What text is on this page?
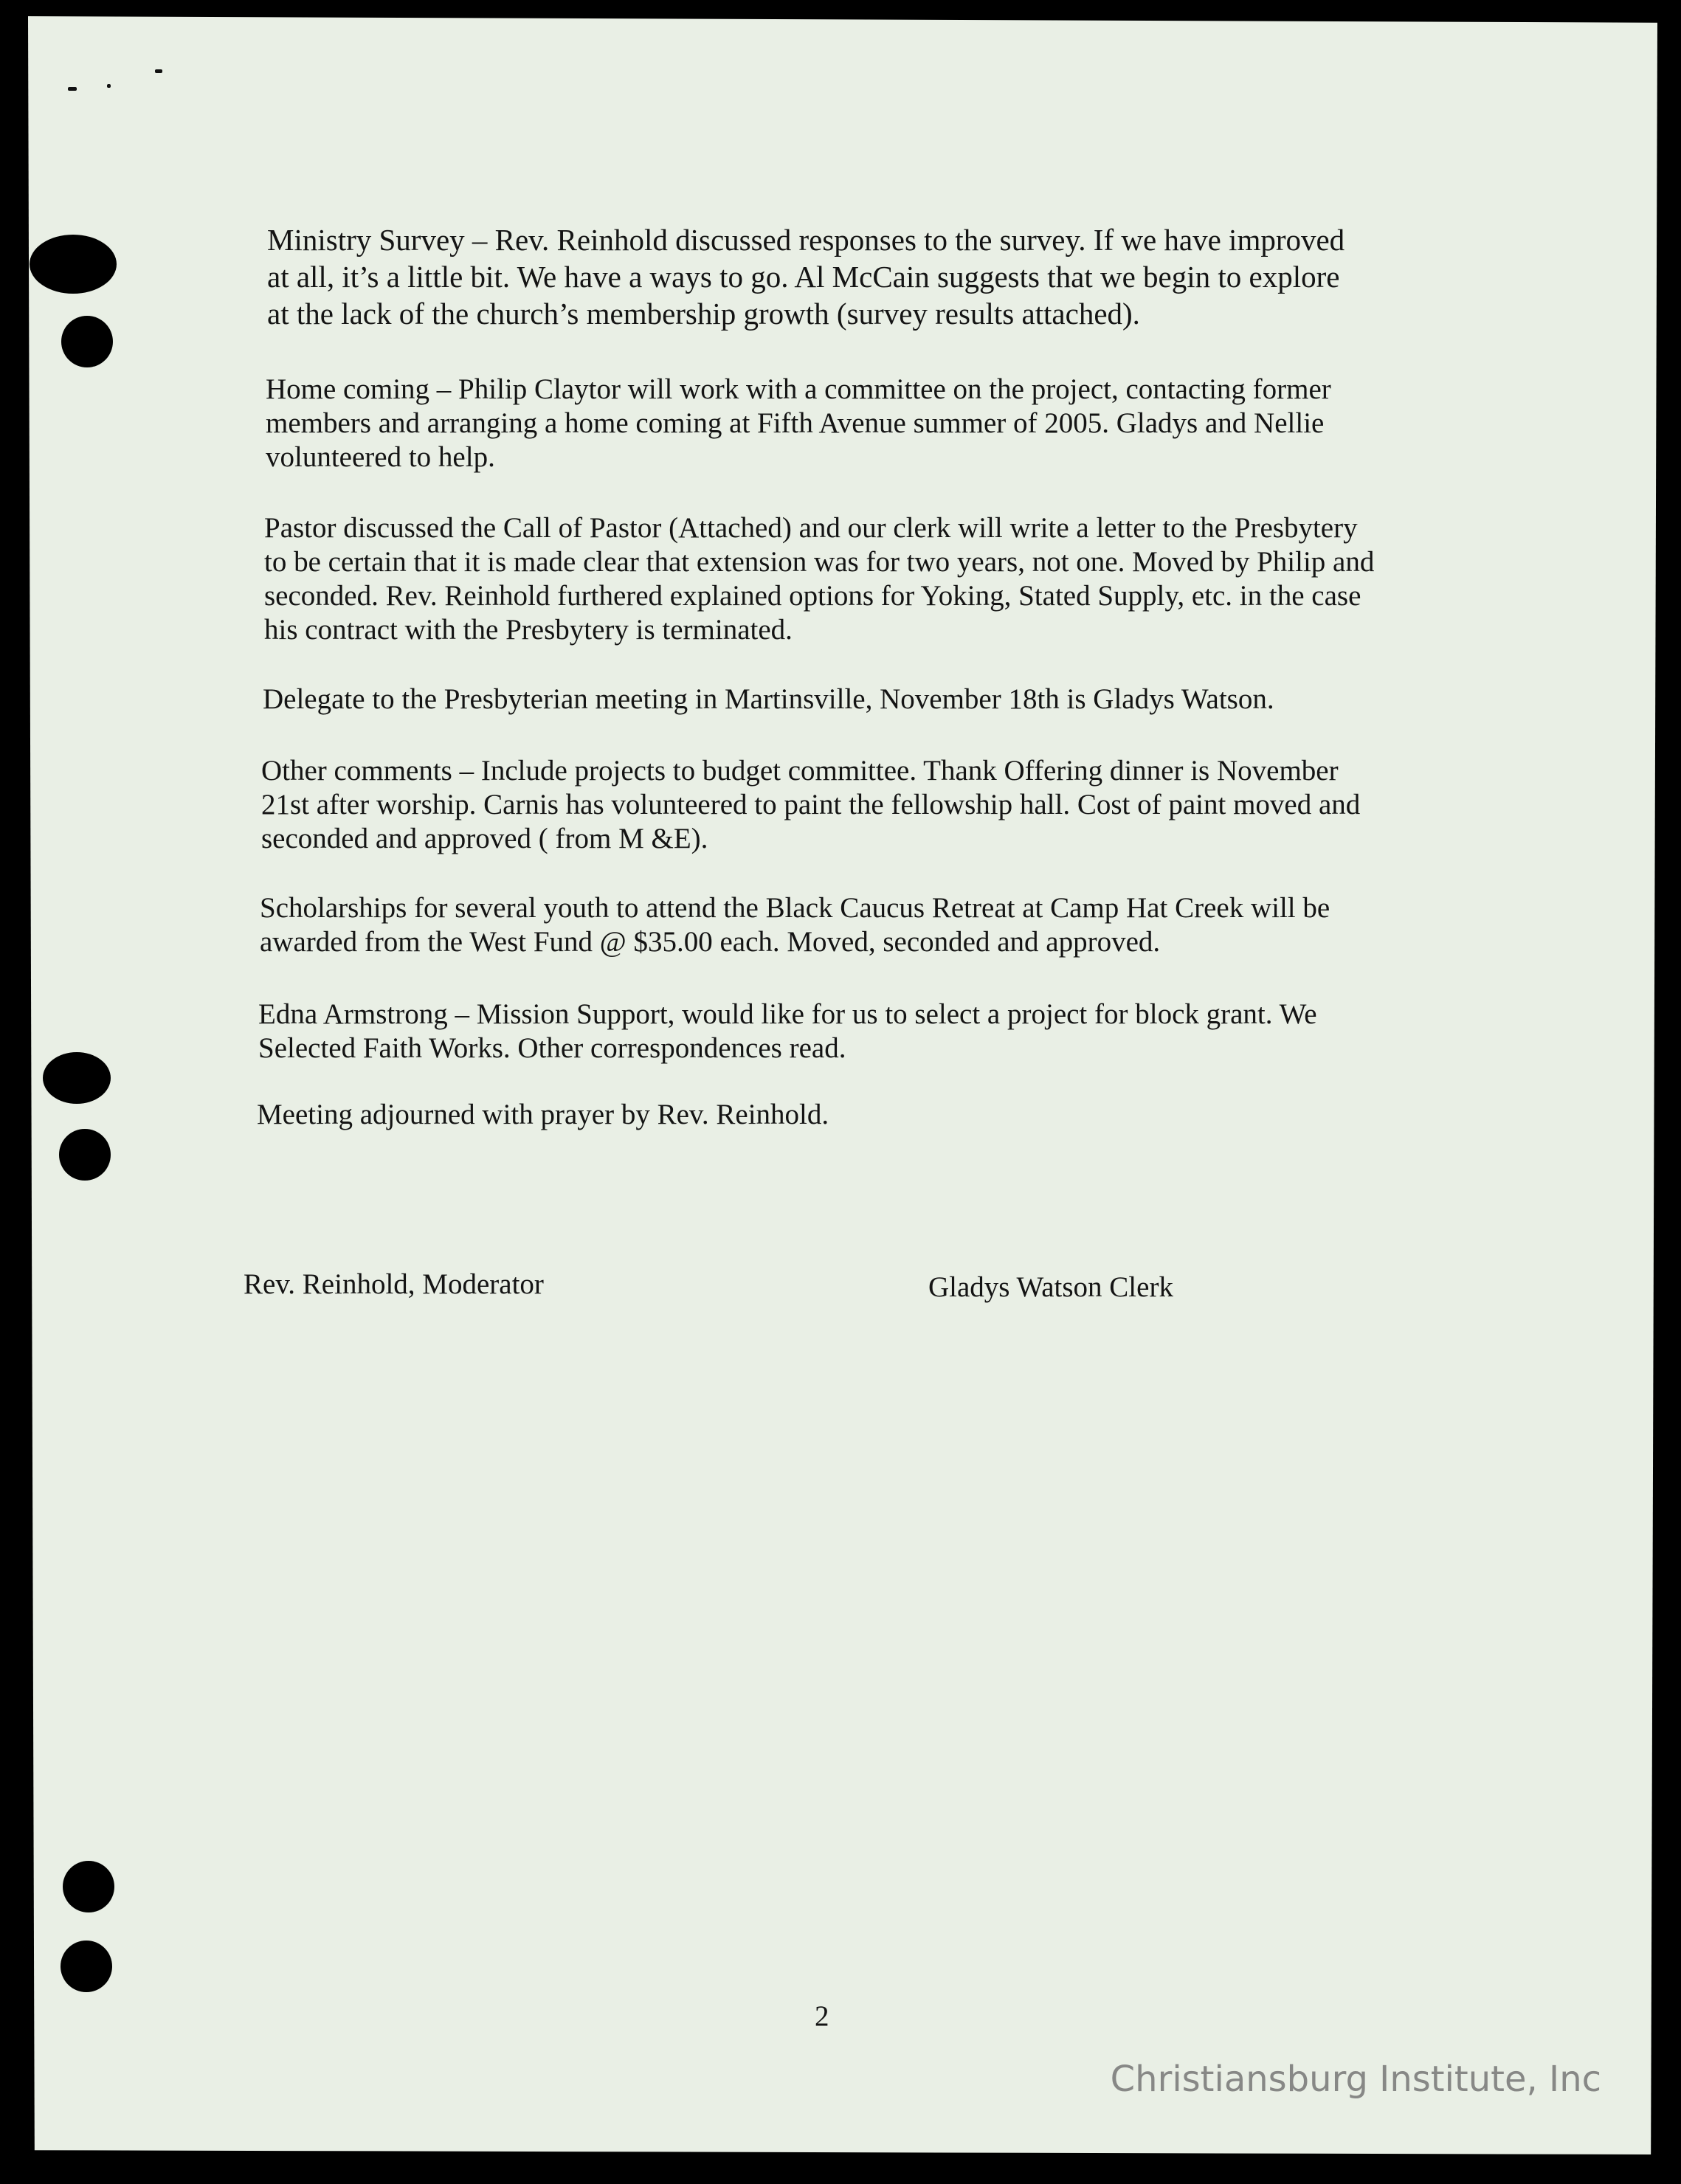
Ministry Survey – Rev. Reinhold discussed responses to the survey. If we have improved
at all, it’s a little bit. We have a ways to go. Al McCain suggests that we begin to explore
at the lack of the church’s membership growth (survey results attached).
Home coming – Philip Claytor will work with a committee on the project, contacting former
members and arranging a home coming at Fifth Avenue summer of 2005. Gladys and Nellie
volunteered to help.
Pastor discussed the Call of Pastor (Attached) and our clerk will write a letter to the Presbytery
to be certain that it is made clear that extension was for two years, not one. Moved by Philip and
seconded. Rev. Reinhold furthered explained options for Yoking, Stated Supply, etc. in the case
his contract with the Presbytery is terminated.
Delegate to the Presbyterian meeting in Martinsville, November 18th is Gladys Watson.
Other comments – Include projects to budget committee. Thank Offering dinner is November
21st after worship. Carnis has volunteered to paint the fellowship hall. Cost of paint moved and
seconded and approved ( from M &E).
Scholarships for several youth to attend the Black Caucus Retreat at Camp Hat Creek will be
awarded from the West Fund @ $35.00 each. Moved, seconded and approved.
Edna Armstrong – Mission Support, would like for us to select a project for block grant. We
Selected Faith Works. Other correspondences read.
Meeting adjourned with prayer by Rev. Reinhold.
Rev. Reinhold, Moderator	Gladys Watson Clerk
2
Christiansburg Institute, Inc
